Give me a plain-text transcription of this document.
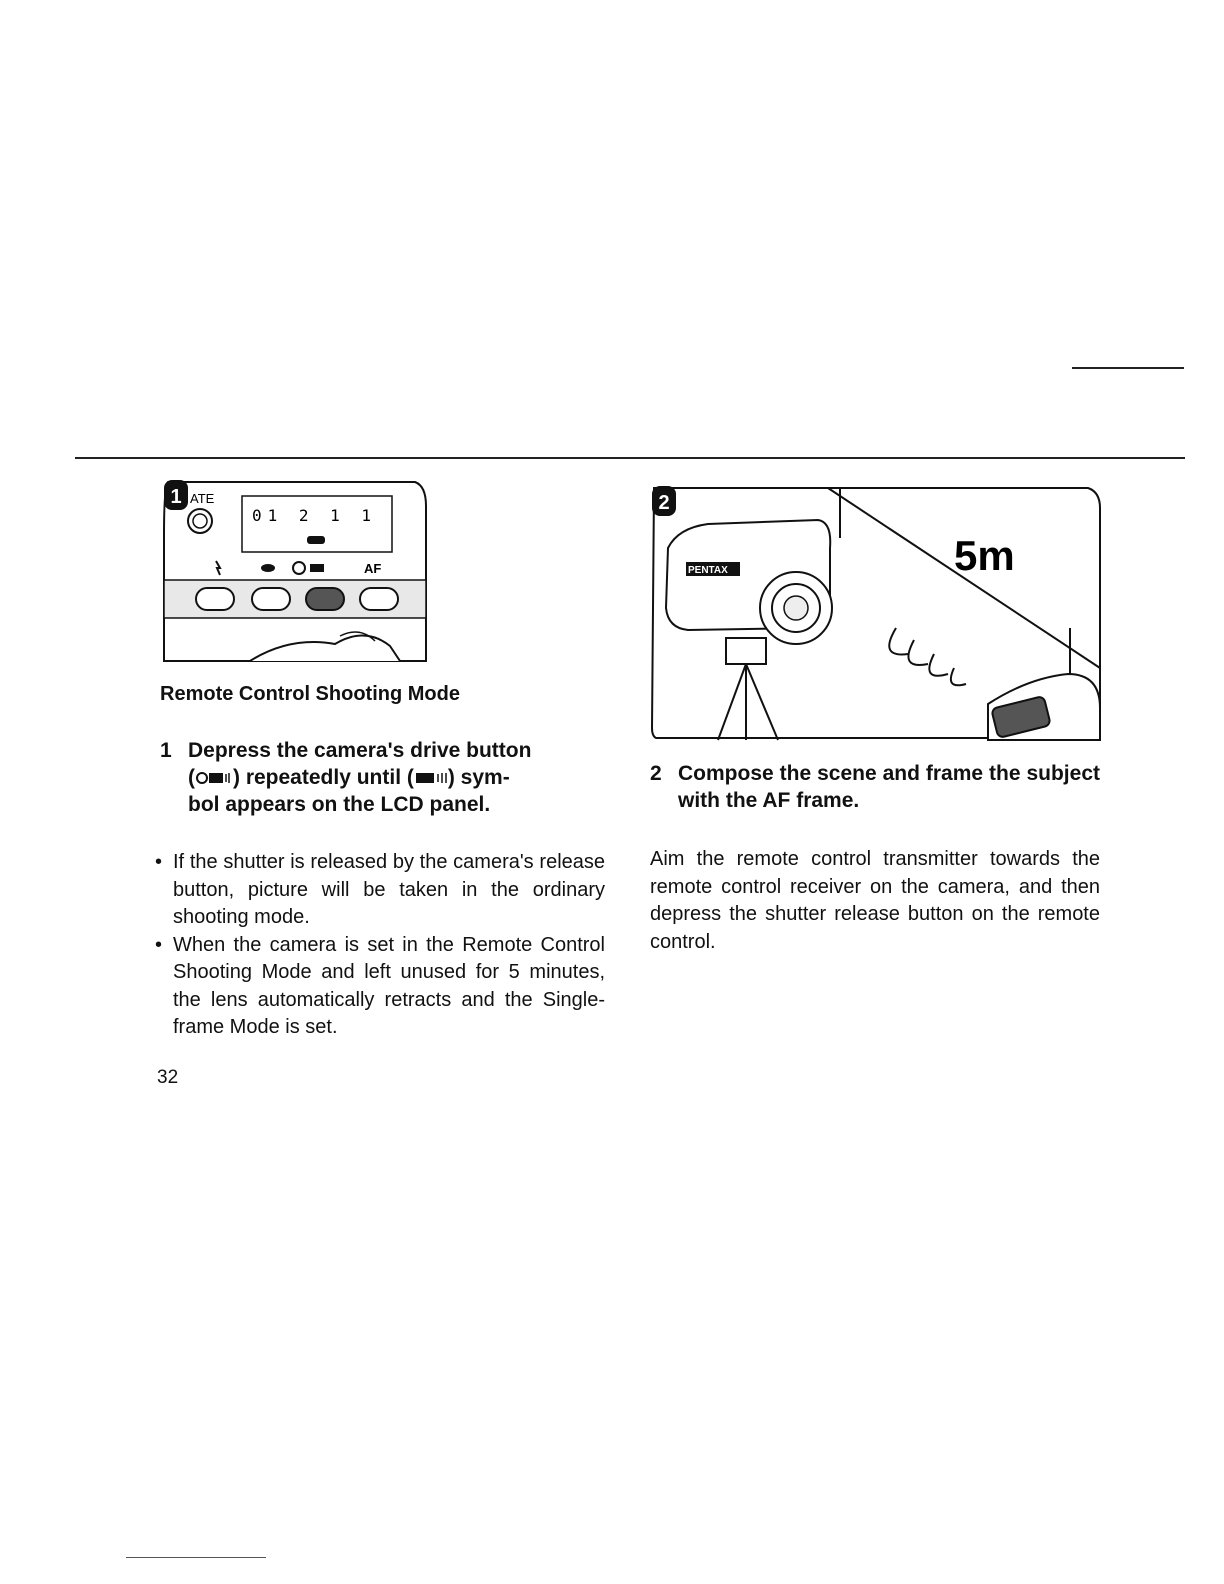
1 ATE
01 2 1 1
AF
2
5m
PENTAX
Remote Control Shooting Mode
1 Depress the camera's drive button
( ) repeatedly until ( ) sym-
bol appears on the LCD panel.
• If the shutter is released by the camera's release button, picture will be taken in the ordinary shooting mode.
• When the camera is set in the Remote Control Shooting Mode and left unused for 5 minutes, the lens automatically retracts and the Single-frame Mode is set.
2 Compose the scene and frame the subject with the AF frame.
Aim the remote control transmitter towards the remote control receiver on the camera, and then depress the shutter release button on the remote control.
32
